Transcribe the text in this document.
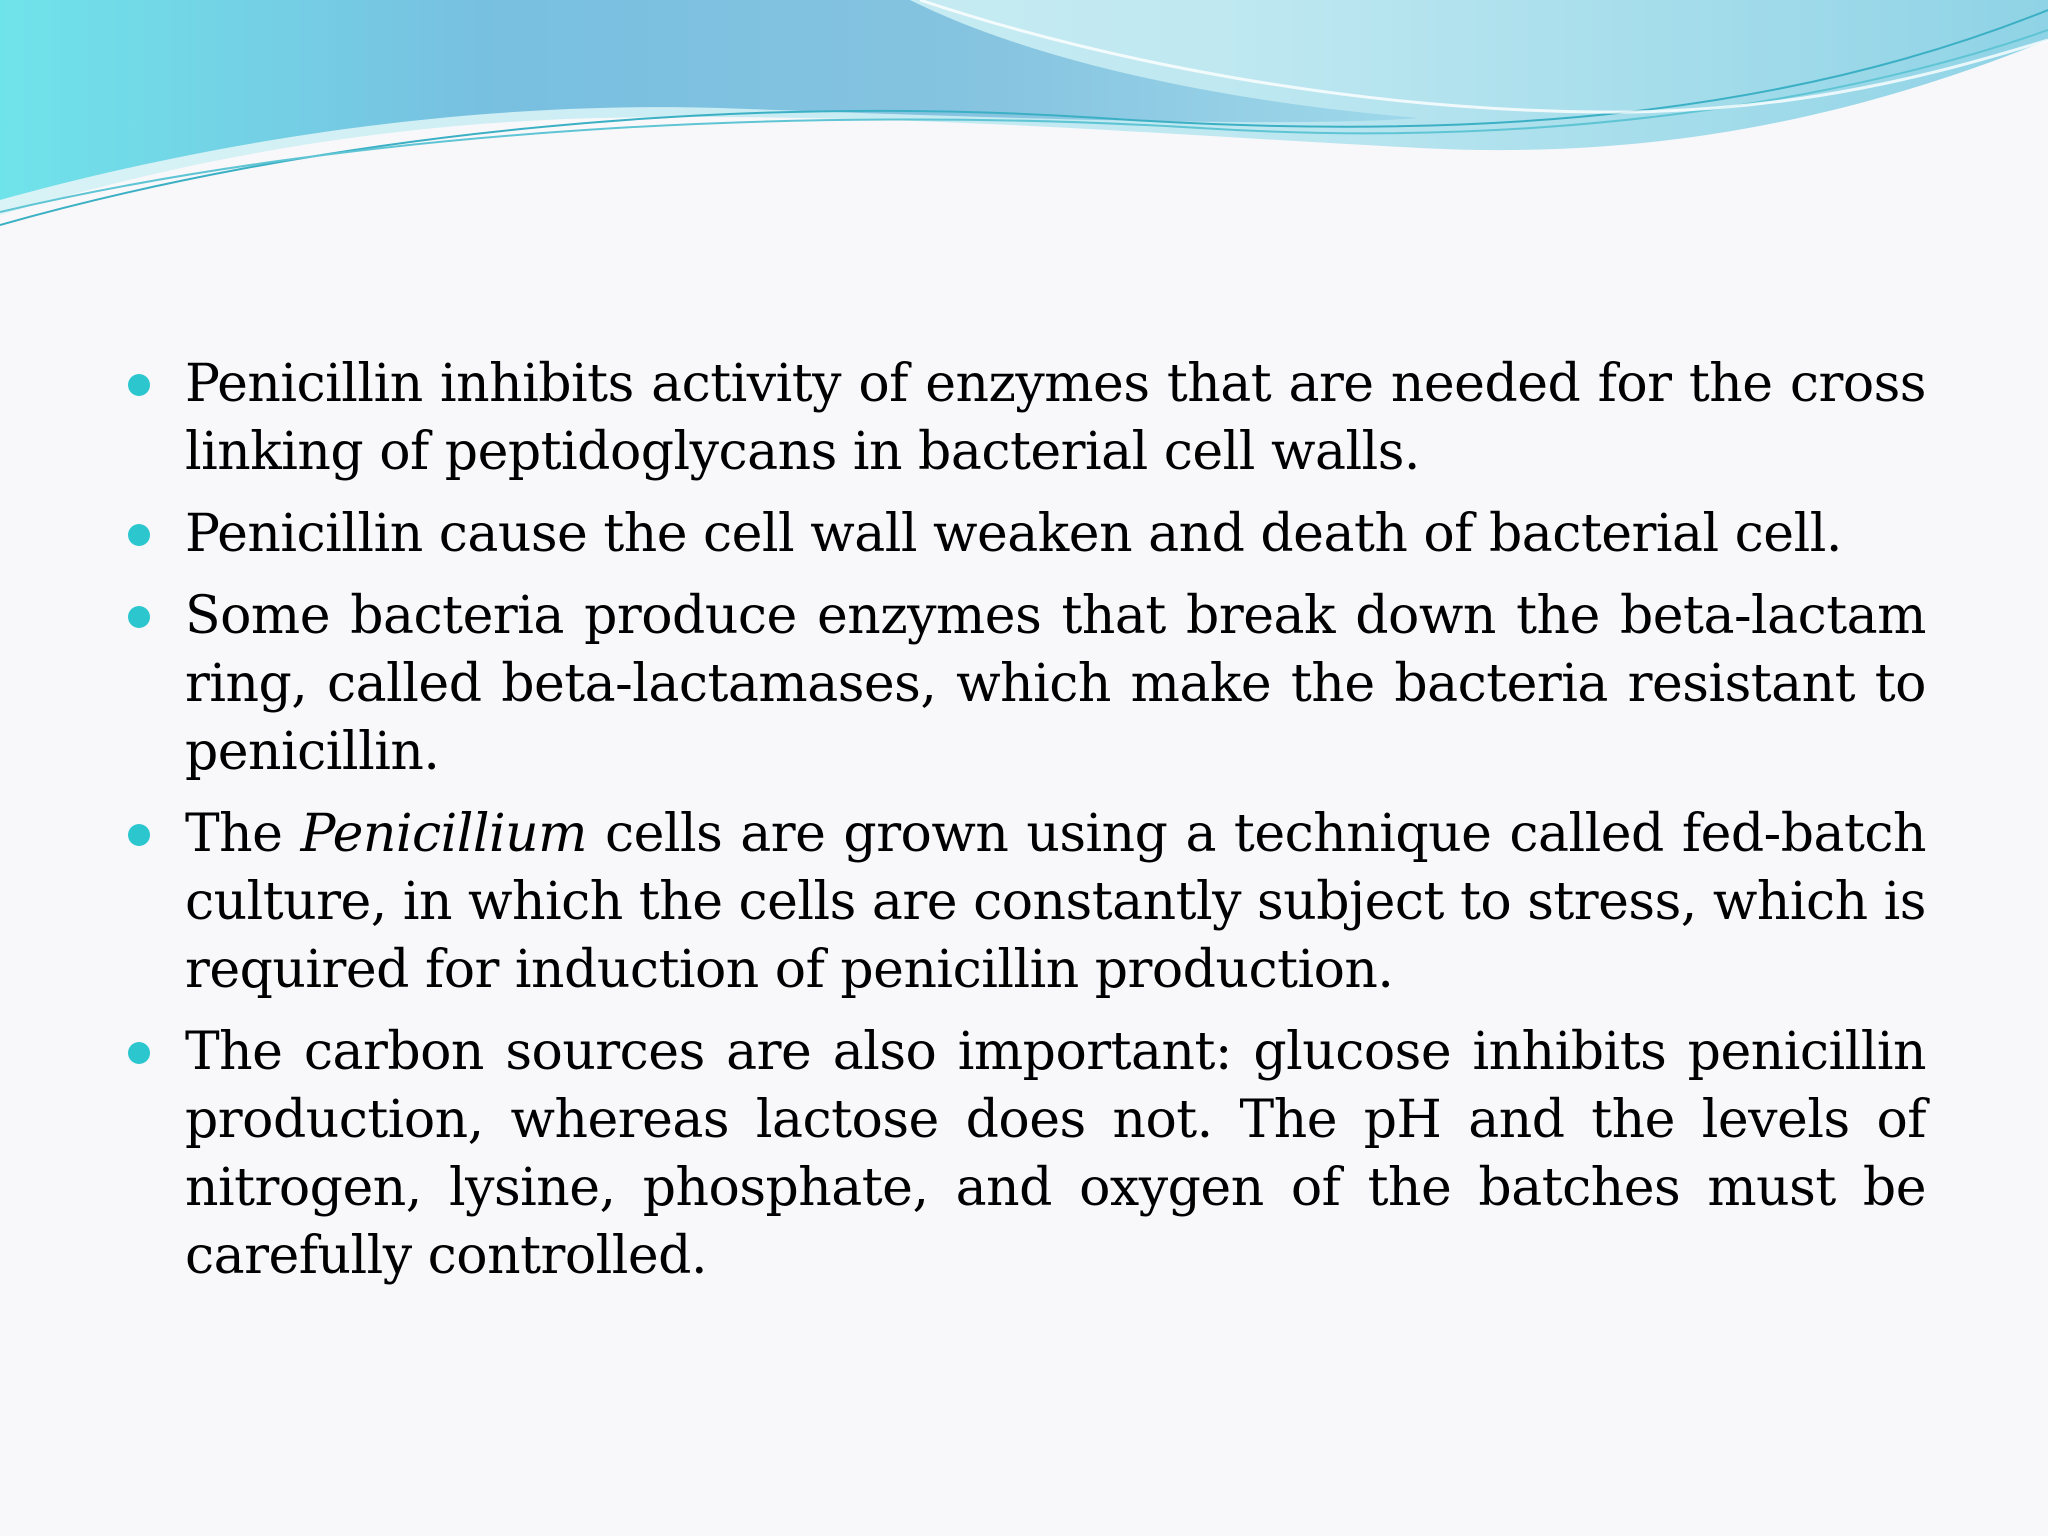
Penicillin inhibits activity of enzymes that are needed for the cross linking of peptidoglycans in bacterial cell walls.
Penicillin cause the cell wall weaken and death of bacterial cell.
Some bacteria produce enzymes that break down the beta-lactam ring, called beta-lactamases, which make the bacteria resistant to penicillin.
The Penicillium cells are grown using a technique called fed-batch culture, in which the cells are constantly subject to stress, which is required for induction of penicillin production.
The carbon sources are also important: glucose inhibits penicillin production, whereas lactose does not. The pH and the levels of nitrogen, lysine, phosphate, and oxygen of the batches must be carefully controlled.
